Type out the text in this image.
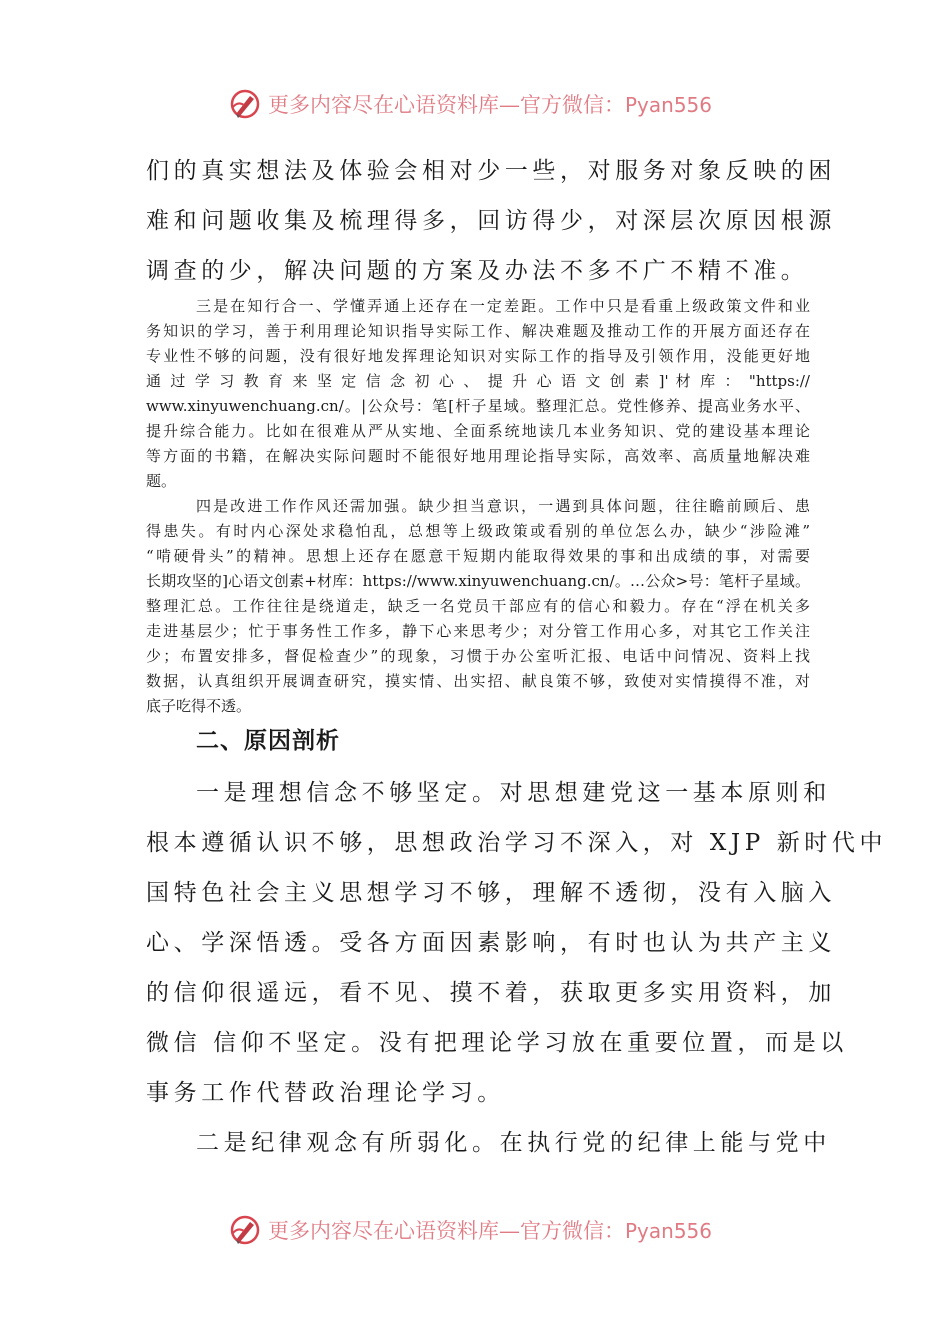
更多内容尽在心语资料库—官方微信：Pyan556

们的真实想法及体验会相对少一些，对服务对象反映的困

难和问题收集及梳理得多，回访得少，对深层次原因根源

调查的少，解决问题的方案及办法不多不广不精不准。

三是在知行合一、学懂弄通上还存在一定差距。工作中只是看重上级政策文件和业

务知识的学习，善于利用理论知识指导实际工作、解决难题及推动工作的开展方面还存在

专业性不够的问题，没有很好地发挥理论知识对实际工作的指导及引领作用，没能更好地

通 过 学 习 教 育 来 坚 定 信 念 初 心 、 提 升 心 语 文 创 素 ]' 材 库 ： "https://

www.xinyuwenchuang.cn/。|公众号：笔[杆子星域。整理汇总。党性修养、提高业务水平、

提升综合能力。比如在很难从严从实地、全面系统地读几本业务知识、党的建设基本理论

等方面的书籍，在解决实际问题时不能很好地用理论指导实际，高效率、高质量地解决难

题。

四是改进工作作风还需加强。缺少担当意识，一遇到具体问题，往往瞻前顾后、患

得患失。有时内心深处求稳怕乱，总想等上级政策或看别的单位怎么办，缺少“涉险滩”

“啃硬骨头”的精神。思想上还存在愿意干短期内能取得效果的事和出成绩的事，对需要

长期攻坚的]心语文创素+材库：https://www.xinyuwenchuang.cn/。…公众>号：笔杆子星域。

整理汇总。工作往往是绕道走，缺乏一名党员干部应有的信心和毅力。存在“浮在机关多

走进基层少；忙于事务性工作多，静下心来思考少；对分管工作用心多，对其它工作关注

少；布置安排多，督促检查少”的现象，习惯于办公室听汇报、电话中问情况、资料上找

数据，认真组织开展调查研究，摸实情、出实招、献良策不够，致使对实情摸得不准，对

底子吃得不透。

二、原因剖析

一是理想信念不够坚定。对思想建党这一基本原则和

根本遵循认识不够，思想政治学习不深入，对 XJP 新时代中

国特色社会主义思想学习不够，理解不透彻，没有入脑入

心、学深悟透。受各方面因素影响，有时也认为共产主义

的信仰很遥远，看不见、摸不着，获取更多实用资料，加

微信 信仰不坚定。没有把理论学习放在重要位置，而是以

事务工作代替政治理论学习。

二是纪律观念有所弱化。在执行党的纪律上能与党中

更多内容尽在心语资料库—官方微信：Pyan556
